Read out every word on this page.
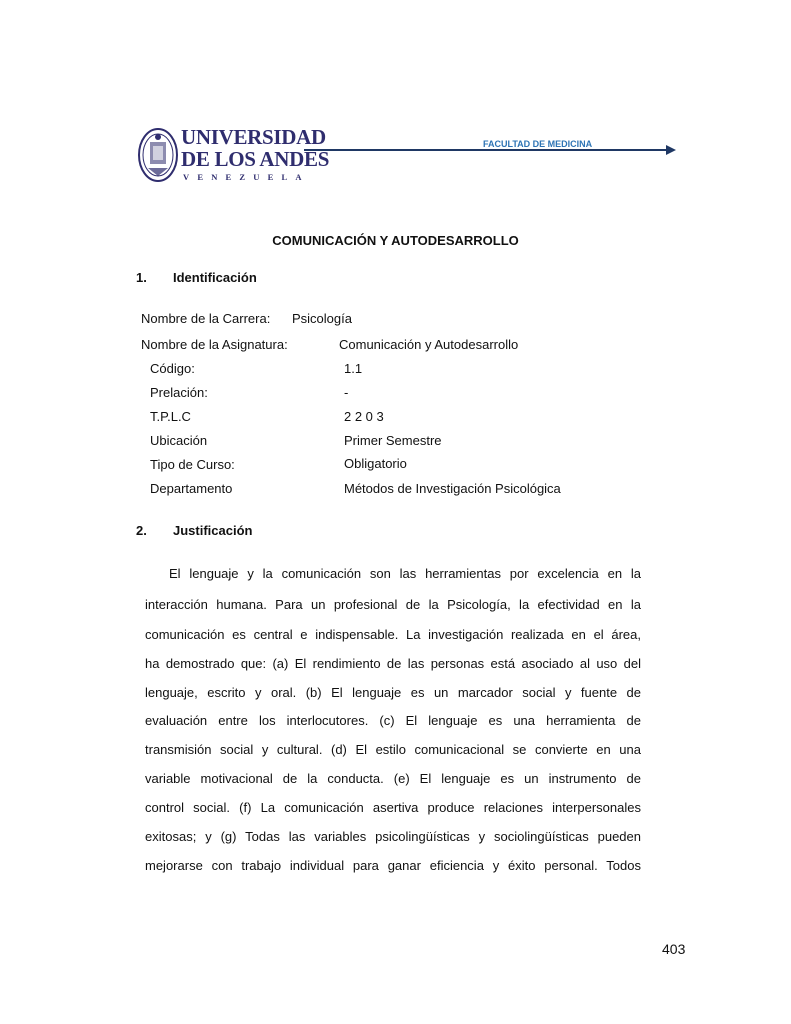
UNIVERSIDAD
DE LOS ANDES
VENEZUELA
FACULTAD DE MEDICINA
COMUNICACIÓN Y AUTODESARROLLO
1. Identificación
Nombre de la Carrera: Psicología
Nombre de la Asignatura:	Comunicación y Autodesarrollo
Código:	1.1
Prelación:	-
T.P.L.C	2 2 0 3
Ubicación	Primer Semestre
Tipo de Curso:	Obligatorio
Departamento	Métodos de Investigación Psicológica
2. Justificación
El lenguaje y la comunicación son las herramientas por excelencia en la
interacción humana. Para un profesional de la Psicología, la efectividad en la
comunicación es central e indispensable. La investigación realizada en el área,
ha demostrado que: (a) El rendimiento de las personas está asociado al uso del
lenguaje, escrito y oral. (b) El lenguaje es un marcador social y fuente de
evaluación entre los interlocutores. (c) El lenguaje es una herramienta de
transmisión social y cultural. (d) El estilo comunicacional se convierte en una
variable motivacional de la conducta. (e) El lenguaje es un instrumento de
control social. (f) La comunicación asertiva produce relaciones interpersonales
exitosas; y (g) Todas las variables psicolingüísticas y sociolingüísticas pueden
mejorarse con trabajo individual para ganar eficiencia y éxito personal. Todos
403
